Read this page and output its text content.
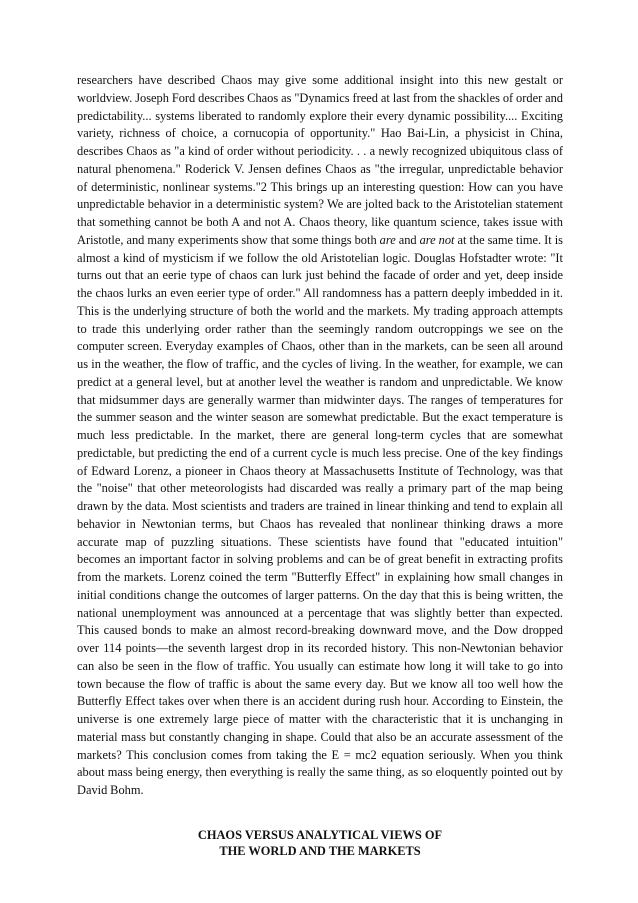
researchers have described Chaos may give some additional insight into this new gestalt or worldview. Joseph Ford describes Chaos as "Dynamics freed at last from the shackles of order and predictability... systems liberated to randomly explore their every dynamic possibility.... Exciting variety, richness of choice, a cornucopia of opportunity." Hao Bai-Lin, a physicist in China, describes Chaos as "a kind of order without periodicity. . . a newly recognized ubiquitous class of natural phenomena." Roderick V. Jensen defines Chaos as "the irregular, unpredictable behavior of deterministic, nonlinear systems."2 This brings up an interesting question: How can you have unpredictable behavior in a deterministic system? We are jolted back to the Aristotelian statement that something cannot be both A and not A. Chaos theory, like quantum science, takes issue with Aristotle, and many experiments show that some things both are and are not at the same time. It is almost a kind of mysticism if we follow the old Aristotelian logic. Douglas Hofstadter wrote: "It turns out that an eerie type of chaos can lurk just behind the facade of order and yet, deep inside the chaos lurks an even eerier type of order." All randomness has a pattern deeply imbedded in it. This is the underlying structure of both the world and the markets. My trading approach attempts to trade this underlying order rather than the seemingly random outcroppings we see on the computer screen. Everyday examples of Chaos, other than in the markets, can be seen all around us in the weather, the flow of traffic, and the cycles of living. In the weather, for example, we can predict at a general level, but at another level the weather is random and unpredictable. We know that midsummer days are generally warmer than midwinter days. The ranges of temperatures for the summer season and the winter season are somewhat predictable. But the exact temperature is much less predictable. In the market, there are general long-term cycles that are somewhat predictable, but predicting the end of a current cycle is much less precise. One of the key findings of Edward Lorenz, a pioneer in Chaos theory at Massachusetts Institute of Technology, was that the "noise" that other meteorologists had discarded was really a primary part of the map being drawn by the data. Most scientists and traders are trained in linear thinking and tend to explain all behavior in Newtonian terms, but Chaos has revealed that nonlinear thinking draws a more accurate map of puzzling situations. These scientists have found that "educated intuition" becomes an important factor in solving problems and can be of great benefit in extracting profits from the markets. Lorenz coined the term "Butterfly Effect" in explaining how small changes in initial conditions change the outcomes of larger patterns. On the day that this is being written, the national unemployment was announced at a percentage that was slightly better than expected. This caused bonds to make an almost record-breaking downward move, and the Dow dropped over 114 points—the seventh largest drop in its recorded history. This non-Newtonian behavior can also be seen in the flow of traffic. You usually can estimate how long it will take to go into town because the flow of traffic is about the same every day. But we know all too well how the Butterfly Effect takes over when there is an accident during rush hour. According to Einstein, the universe is one extremely large piece of matter with the characteristic that it is unchanging in material mass but constantly changing in shape. Could that also be an accurate assessment of the markets? This conclusion comes from taking the E = mc2 equation seriously. When you think about mass being energy, then everything is really the same thing, as so eloquently pointed out by David Bohm.

CHAOS VERSUS ANALYTICAL VIEWS OF
THE WORLD AND THE MARKETS
